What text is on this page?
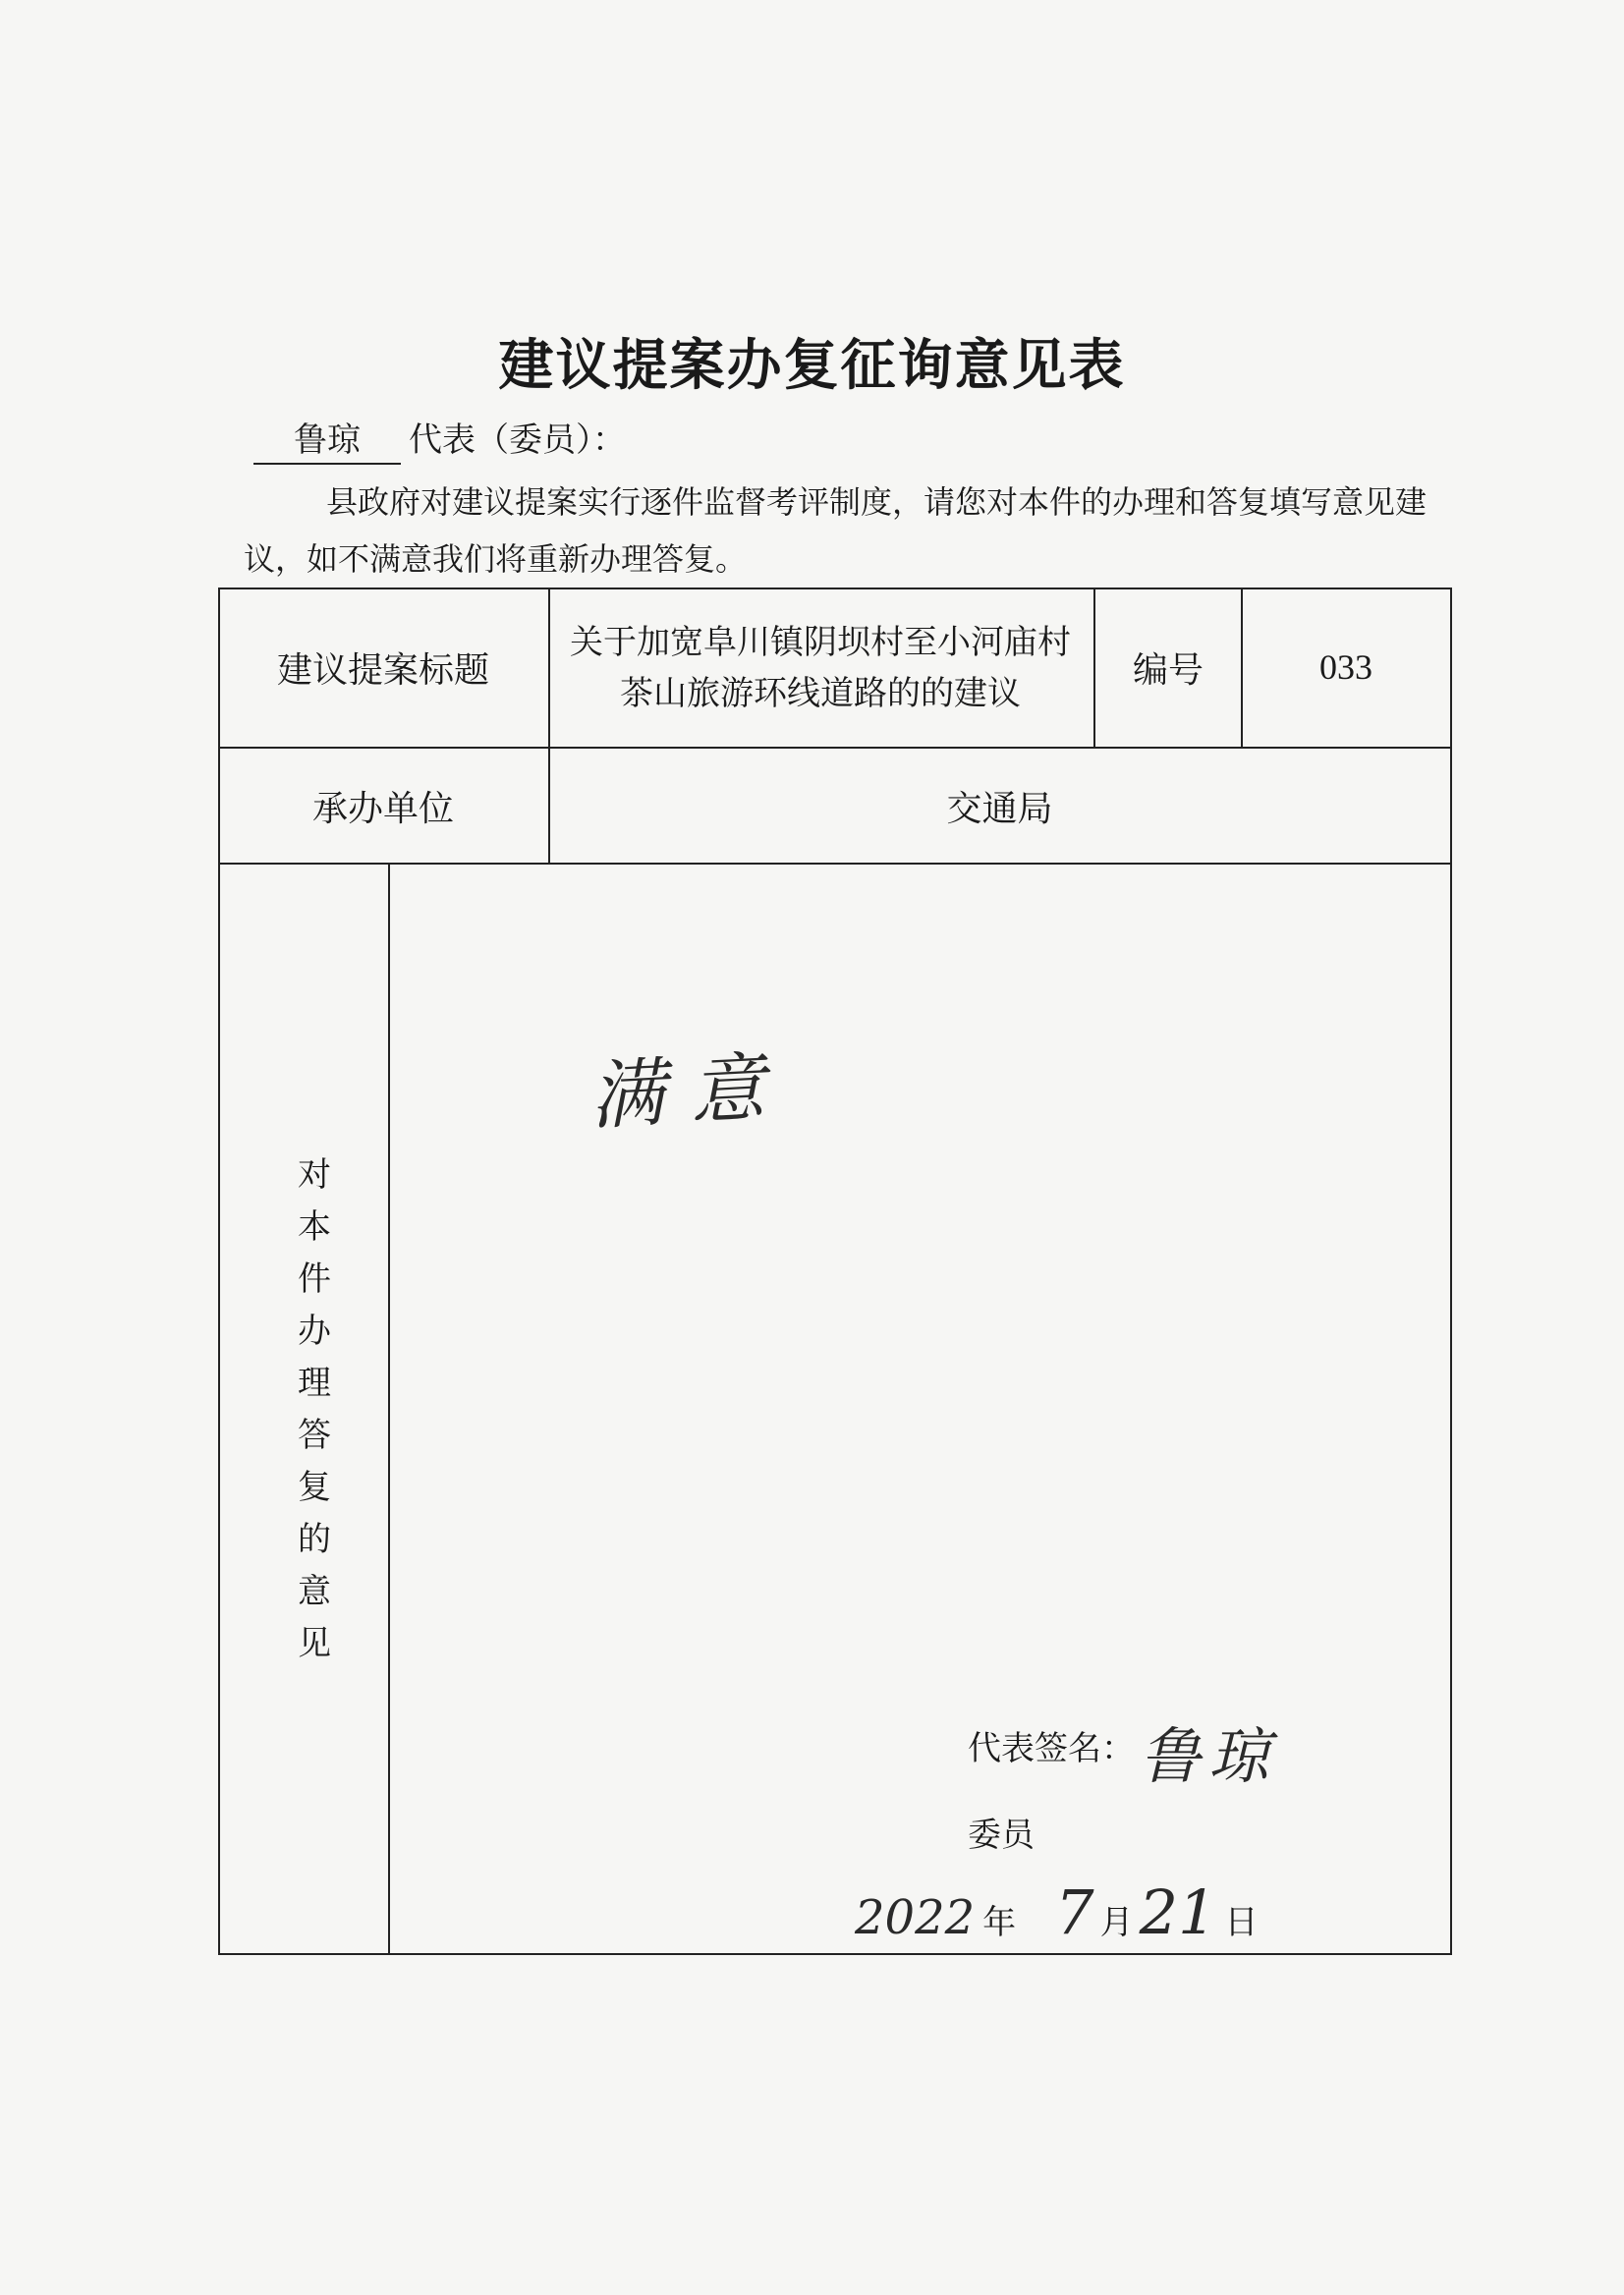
建议提案办复征询意见表
鲁琼 代表（委员）：
县政府对建议提案实行逐件监督考评制度，请您对本件的办理和答复填写意见建议，如不满意我们将重新办理答复。
建议提案标题
关于加宽阜川镇阴坝村至小河庙村茶山旅游环线道路的的建议
编号	033
承办单位	交通局
对
本
件
办
理
答
复
的
意
见
满意
代表签名： 鲁琼
委员
2022 年 7 月21 日
